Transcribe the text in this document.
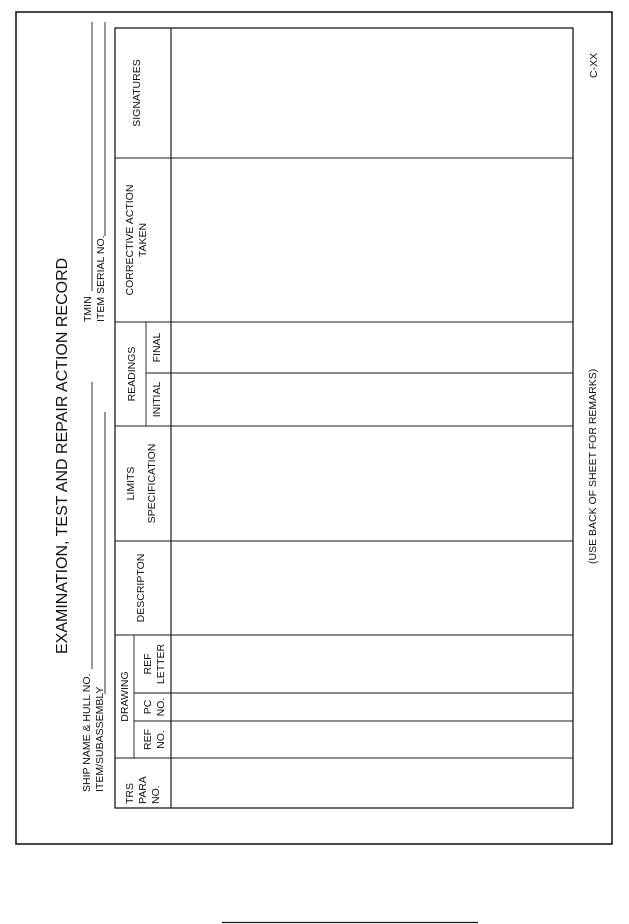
EXAMINATION, TEST AND REPAIR ACTION RECORD
SHIP NAME & HULL NO. ITEM/SUBASSEMBLY
TMIN ITEM SERIAL NO.
TRS PARA NO.
DRAWING
REF NO.
PC NO.
REF LETTER
DESCRIPTON
LIMITS SPECIFICATION
READINGS INITIAL
FINAL
CORRECTIVE ACTION TAKEN
SIGNATURES
(USE BACK OF SHEET FOR REMARKS)
C-XX
